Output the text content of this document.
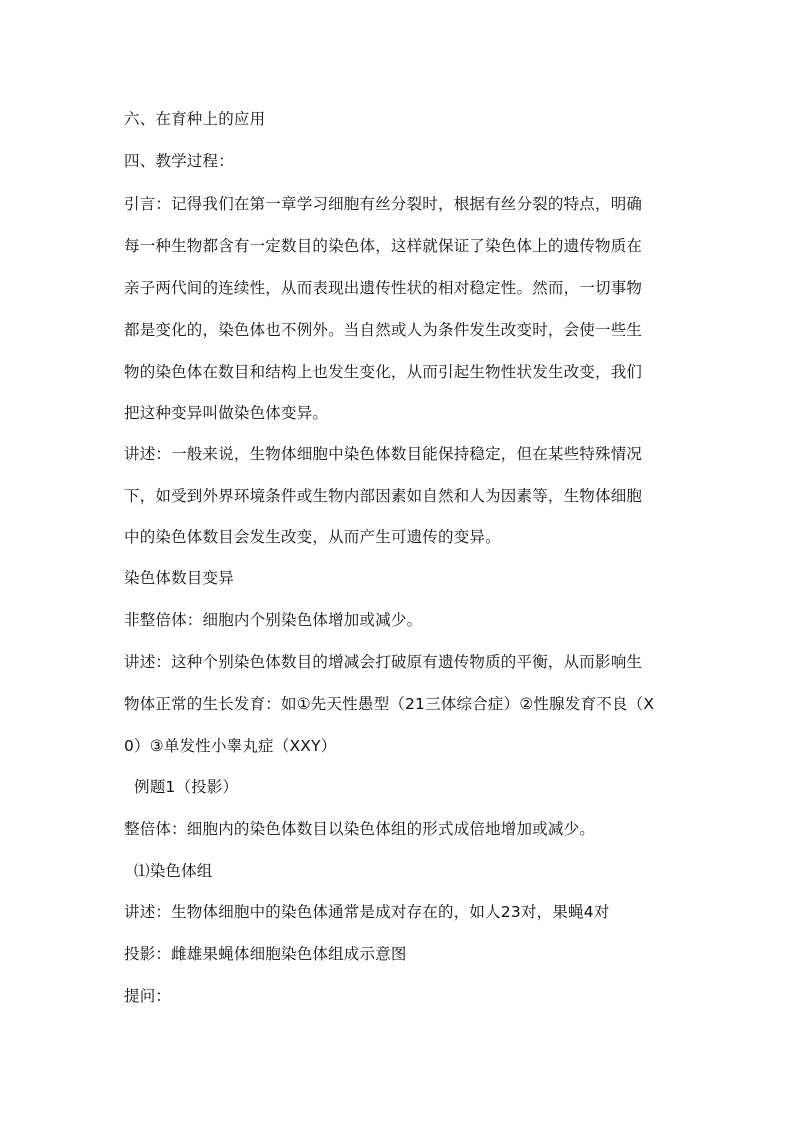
六、在育种上的应用
四、教学过程：
引言：记得我们在第一章学习细胞有丝分裂时，根据有丝分裂的特点，明确
每一种生物都含有一定数目的染色体，这样就保证了染色体上的遗传物质在
亲子两代间的连续性，从而表现出遗传性状的相对稳定性。然而，一切事物
都是变化的，染色体也不例外。当自然或人为条件发生改变时，会使一些生
物的染色体在数目和结构上也发生变化，从而引起生物性状发生改变，我们
把这种变异叫做染色体变异。
讲述：一般来说，生物体细胞中染色体数目能保持稳定，但在某些特殊情况
下，如受到外界环境条件或生物内部因素如自然和人为因素等，生物体细胞
中的染色体数目会发生改变，从而产生可遗传的变异。
染色体数目变异
非整倍体：细胞内个别染色体增加或减少。
讲述：这种个别染色体数目的增减会打破原有遗传物质的平衡，从而影响生
物体正常的生长发育：如①先天性愚型（21三体综合症）②性腺发育不良（X
0）③单发性小睾丸症（XXY）
例题1（投影）
整倍体：细胞内的染色体数目以染色体组的形式成倍地增加或减少。
⑴染色体组
讲述：生物体细胞中的染色体通常是成对存在的，如人23对，果蝇4对
投影：雌雄果蝇体细胞染色体组成示意图
提问：
